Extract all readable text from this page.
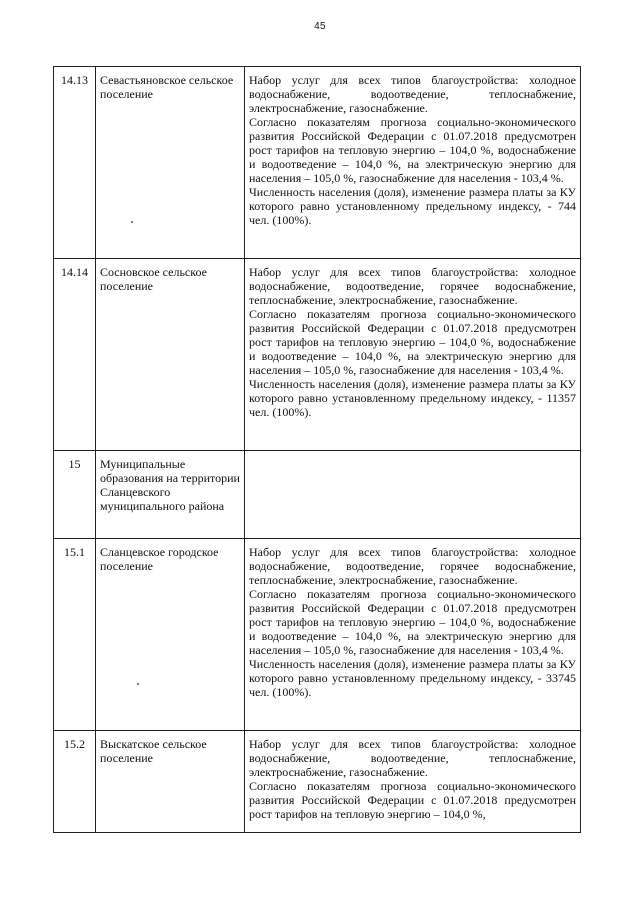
45
14.13	Севастьяновское сельское поселение	Набор услуг для всех типов благоустройства: холодное водоснабжение, водоотведение, теплоснабжение, электроснабжение, газоснабжение.

Согласно показателям прогноза социально-экономического развития Российской Федерации с 01.07.2018 предусмотрен рост тарифов на тепловую энергию – 104,0 %, водоснабжение и водоотведение – 104,0 %, на электрическую энергию для населения – 105,0 %, газоснабжение для населения - 103,4 %.

Численность населения (доля), изменение размера платы за КУ которого равно установленному предельному индексу, - 744 чел. (100%).

14.14	Сосновское сельское поселение	Набор услуг для всех типов благоустройства: холодное водоснабжение, водоотведение, горячее водоснабжение, теплоснабжение, электроснабжение, газоснабжение.

Согласно показателям прогноза социально-экономического развития Российской Федерации с 01.07.2018 предусмотрен рост тарифов на тепловую энергию – 104,0 %, водоснабжение и водоотведение – 104,0 %, на электрическую энергию для населения – 105,0 %, газоснабжение для населения - 103,4 %.

Численность населения (доля), изменение размера платы за КУ которого равно установленному предельному индексу, - 11357 чел. (100%).

15	Муниципальные образования на территории Сланцевского муниципального района	
15.1	Сланцевское городское поселение	Набор услуг для всех типов благоустройства: холодное водоснабжение, водоотведение, горячее водоснабжение, теплоснабжение, электроснабжение, газоснабжение.

Согласно показателям прогноза социально-экономического развития Российской Федерации с 01.07.2018 предусмотрен рост тарифов на тепловую энергию – 104,0 %, водоснабжение и водоотведение – 104,0 %, на электрическую энергию для населения – 105,0 %, газоснабжение для населения - 103,4 %.

Численность населения (доля), изменение размера платы за КУ которого равно установленному предельному индексу, - 33745 чел. (100%).

15.2	Выскатское сельское поселение	Набор услуг для всех типов благоустройства: холодное водоснабжение, водоотведение, теплоснабжение, электроснабжение, газоснабжение.

Согласно показателям прогноза социально-экономического развития Российской Федерации с 01.07.2018 предусмотрен рост тарифов на тепловую энергию – 104,0 %,
